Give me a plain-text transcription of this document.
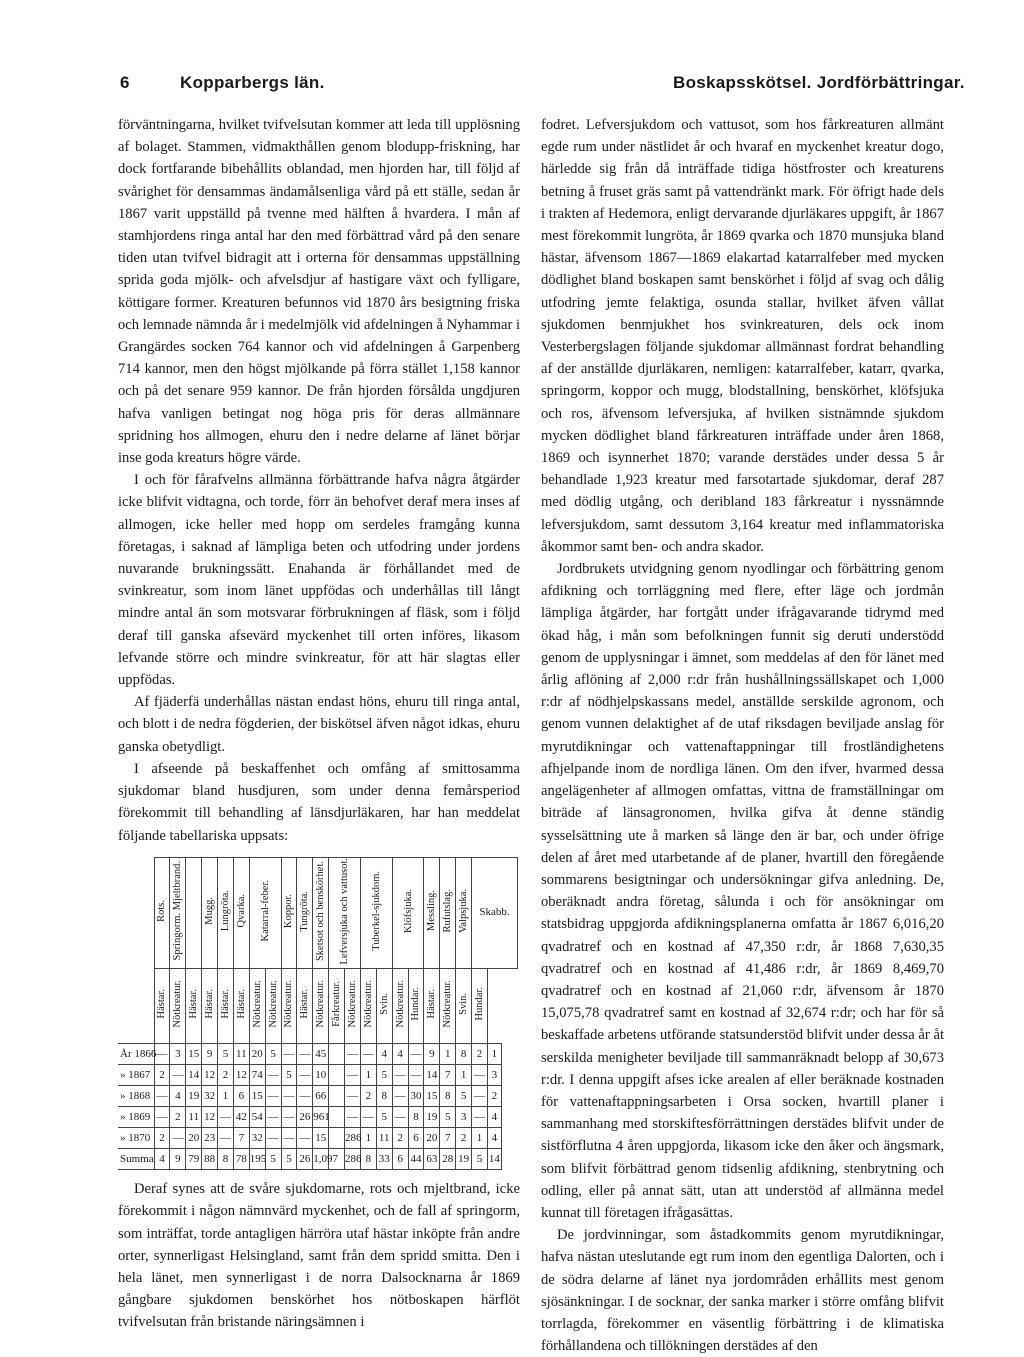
6	Kopparbergs län.	Boskapsskötsel. Jordförbättringar.

förväntningarna, hvilket tvifvelsutan kommer att leda till upplösning af bolaget. Stammen, vidmakthållen genom blodupp-friskning, har dock fortfarande bibehållits oblandad, men hjorden har, till följd af svårighet för densammas ändamålsenliga vård på ett ställe, sedan år 1867 varit uppställd på tvenne med hälften å hvardera. I mån af stamhjordens ringa antal har den med förbättrad vård på den senare tiden utan tvifvel bidragit att i orterna för densammas uppställning sprida goda mjölk- och afvelsdjur af hastigare växt och fylligare, köttigare former. Kreaturen befunnos vid 1870 års besigtning friska och lemnade nämnda år i medelmjölk vid afdelningen å Nyhammar i Grangärdes socken 764 kannor och vid afdelningen å Garpenberg 714 kannor, men den högst mjölkande på förra stället 1,158 kannor och på det senare 959 kannor. De från hjorden försålda ungdjuren hafva vanligen betingat nog höga pris för deras allmännare spridning hos allmogen, ehuru den i nedre delarne af länet börjar inse goda kreaturs högre värde.

I och för fårafvelns allmänna förbättrande hafva några åtgärder icke blifvit vidtagna, och torde, förr än behofvet deraf mera inses af allmogen, icke heller med hopp om serdeles framgång kunna företagas, i saknad af lämpliga beten och utfodring under jordens nuvarande brukningssätt. Enahanda är förhållandet med de svinkreatur, som inom länet uppfödas och underhållas till långt mindre antal än som motsvarar förbrukningen af fläsk, som i följd deraf till ganska afsevärd myckenhet till orten införes, likasom lefvande större och mindre svinkreatur, för att här slagtas eller uppfödas.

Af fjäderfä underhållas nästan endast höns, ehuru till ringa antal, och blott i de nedra fögderien, der biskötsel äfven något idkas, ehuru ganska obetydligt.

I afseende på beskaffenhet och omfång af smittosamma sjukdomar bland husdjuren, som under denna femårsperiod förekommit till behandling af länsdjurläkaren, har han meddelat följande tabellariska uppsats:

	Rots.	Springorm. Mjeltbrand.		Mugg.	Lungröta.	Qvarka.	Katarral-feber.		Koppor.	Tungröta.	Sketsot och benskörhet.	Lefversjuka och vattusot.		Tuberkel-sjukdom.		Klöfsjuka.		Messling.	Rufutslag.	Valpsjuka.	Skabb.	
	Hästar.	Nötkreatur.	Hästar.	Hästar.	Hästar.	Hästar.	Nötkreatur.	Nötkreatur.	Nötkreatur.	Hästar.	Nötkreatur.	Fårkreatur.	Nötkreatur.	Nötkreatur.	Svin.	Nötkreatur.	Hundar.	Hästar.	Nötkreatur.	Svin.	Hundar.	
År 1866	—	3	15	9	5	11	20	5	—	—	45		—	—	4	4	—	9	1	8	2	1
» 1867	2	—	14	12	2	12	74	—	5	—	10		—	1	5	—	—	14	7	1	—	3
» 1868	—	4	19	32	1	6	15	—	—	—	66		—	2	8	—	30	15	8	5	—	2
» 1869	—	2	11	12	—	42	54	—	—	26	961		—	—	5	—	8	19	5	3	—	4
» 1870	2	—	20	23	—	7	32	—	—	—	15		286	1	11	2	6	20	7	2	1	4
Summa	4	9	79	88	8	78	195	5	5	26	1,097		286	8	33	6	44	63	28	19	5	14

Deraf synes att de svåre sjukdomarne, rots och mjeltbrand, icke förekommit i någon nämnvärd myckenhet, och de fall af springorm, som inträffat, torde antagligen härröra utaf hästar inköpte från andre orter, synnerligast Helsingland, samt från dem spridd smitta. Den i hela länet, men synnerligast i de norra Dalsocknarna år 1869 gångbare sjukdomen benskörhet hos nötboskapen härflöt tvifvelsutan från bristande näringsämnen i

fodret. Lefversjukdom och vattusot, som hos fårkreaturen allmänt egde rum under nästlidet år och hvaraf en myckenhet kreatur dogo, härledde sig från då inträffade tidiga höstfroster och kreaturens betning å fruset gräs samt på vattendränkt mark. För öfrigt hade dels i trakten af Hedemora, enligt dervarande djurläkares uppgift, år 1867 mest förekommit lungröta, år 1869 qvarka och 1870 munsjuka bland hästar, äfvensom 1867—1869 elakartad katarralfeber med mycken dödlighet bland boskapen samt benskörhet i följd af svag och dålig utfodring jemte felaktiga, osunda stallar, hvilket äfven vållat sjukdomen benmjukhet hos svinkreaturen, dels ock inom Vesterbergslagen följande sjukdomar allmännast fordrat behandling af der anställde djurläkaren, nemligen: katarralfeber, katarr, qvarka, springorm, koppor och mugg, blodstallning, benskörhet, klöfsjuka och ros, äfvensom lefversjuka, af hvilken sistnämnde sjukdom mycken dödlighet bland fårkreaturen inträffade under åren 1868, 1869 och isynnerhet 1870; varande derstädes under dessa 5 år behandlade 1,923 kreatur med farsotartade sjukdomar, deraf 287 med dödlig utgång, och deribland 183 fårkreatur i nyssnämnde lefversjukdom, samt dessutom 3,164 kreatur med inflammatoriska åkommor samt ben- och andra skador.

Jordbrukets utvidgning genom nyodlingar och förbättring genom afdikning och torrläggning med flere, efter läge och jordmån lämpliga åtgärder, har fortgått under ifrågavarande tidrymd med ökad håg, i mån som befolkningen funnit sig deruti understödd genom de upplysningar i ämnet, som meddelas af den för länet med årlig aflöning af 2,000 r:dr från hushållningssällskapet och 1,000 r:dr af nödhjelpskassans medel, anställde serskilde agronom, och genom vunnen delaktighet af de utaf riksdagen beviljade anslag för myrutdikningar och vattenaftappningar till frostländighetens afhjelpande inom de nordliga länen. Om den ifver, hvarmed dessa angelägenheter af allmogen omfattas, vittna de framställningar om biträde af länsagronomen, hvilka gifva åt denne ständig sysselsättning ute å marken så länge den är bar, och under öfrige delen af året med utarbetande af de planer, hvartill den föregående sommarens besigtningar och undersökningar gifva anledning. De, oberäknadt andra företag, sålunda i och för ansökningar om statsbidrag uppgjorda afdikningsplanerna omfatta år 1867 6,016,20 qvadratref och en kostnad af 47,350 r:dr, år 1868 7,630,35 qvadratref och en kostnad af 41,486 r:dr, år 1869 8,469,70 qvadratref och en kostnad af 21,060 r:dr, äfvensom år 1870 15,075,78 qvadratref samt en kostnad af 32,674 r:dr; och har för så beskaffade arbetens utförande statsunderstöd blifvit under dessa år åt serskilda menigheter beviljade till sammanräknadt belopp af 30,673 r:dr. I denna uppgift afses icke arealen af eller beräknade kostnaden för vattenaftappningsarbeten i Orsa socken, hvartill planer i sammanhang med storskiftesförrättningen derstädes blifvit under de sistförflutna 4 åren uppgjorda, likasom icke den åker och ängsmark, som blifvit förbättrad genom tidsenlig afdikning, stenbrytning och odling, eller på annat sätt, utan att understöd af allmänna medel kunnat till företagen ifrågasättas.

De jordvinningar, som åstadkommits genom myrutdikningar, hafva nästan uteslutande egt rum inom den egentliga Dalorten, och i de södra delarne af länet nya jordområden erhållits mest genom sjösänkningar. I de socknar, der sanka marker i större omfång blifvit torrlagda, förekommer en väsentlig förbättring i de klimatiska förhållandena och tillökningen derstädes af den
